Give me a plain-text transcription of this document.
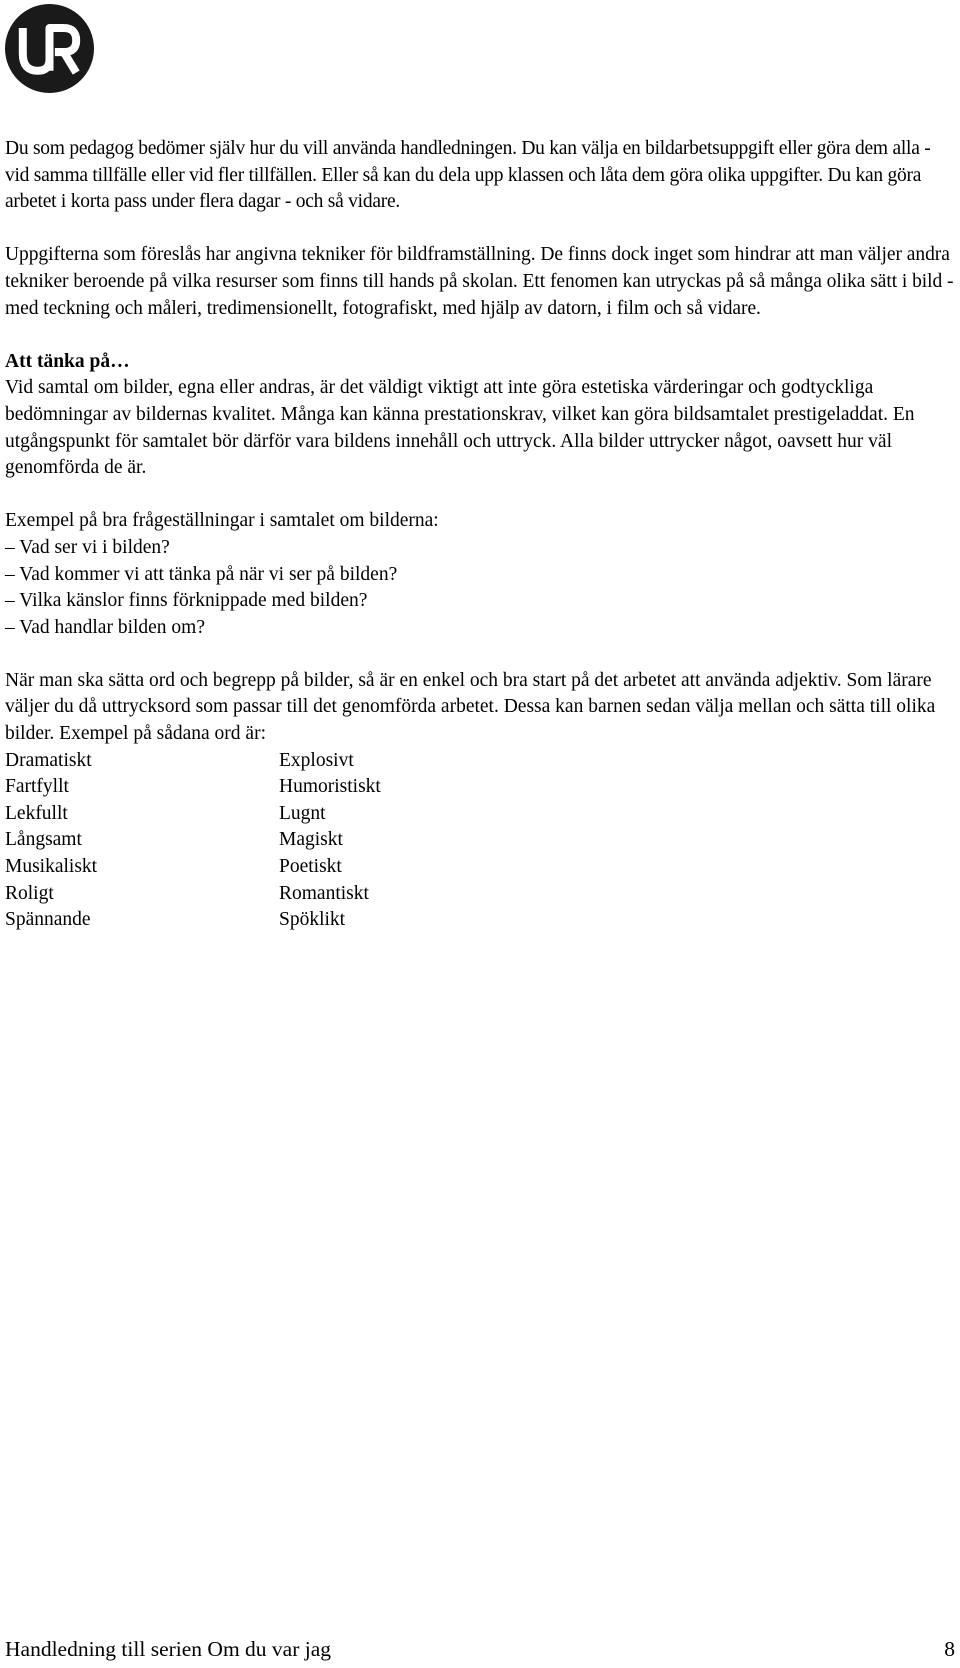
Du som pedagog bedömer själv hur du vill använda handledningen. Du kan välja en bildarbetsuppgift eller göra dem alla - vid samma tillfälle eller vid fler tillfällen. Eller så kan du dela upp klassen och låta dem göra olika uppgifter. Du kan göra arbetet i korta pass under flera dagar - och så vidare.

Uppgifterna som föreslås har angivna tekniker för bildframställning. De finns dock inget som hindrar att man väljer andra tekniker beroende på vilka resurser som finns till hands på skolan. Ett fenomen kan utryckas på så många olika sätt i bild - med teckning och måleri, tredimensionellt, fotografiskt, med hjälp av datorn, i film och så vidare.

Att tänka på…

Vid samtal om bilder, egna eller andras, är det väldigt viktigt att inte göra estetiska värderingar och godtyckliga bedömningar av bildernas kvalitet. Många kan känna prestationskrav, vilket kan göra bildsamtalet prestigeladdat. En utgångspunkt för samtalet bör därför vara bildens innehåll och uttryck. Alla bilder uttrycker något, oavsett hur väl genomförda de är.

Exempel på bra frågeställningar i samtalet om bilderna:

– Vad ser vi i bilden?
– Vad kommer vi att tänka på när vi ser på bilden?
– Vilka känslor finns förknippade med bilden?
– Vad handlar bilden om?

När man ska sätta ord och begrepp på bilder, så är en enkel och bra start på det arbetet att använda adjektiv. Som lärare väljer du då uttrycksord som passar till det genomförda arbetet. Dessa kan barnen sedan välja mellan och sätta till olika bilder. Exempel på sådana ord är:

Dramatiskt	Explosivt
Fartfyllt	Humoristiskt
Lekfullt	Lugnt
Långsamt	Magiskt
Musikaliskt	Poetiskt
Roligt	Romantiskt
Spännande	Spöklikt
Handledning till serien Om du var jag	8
